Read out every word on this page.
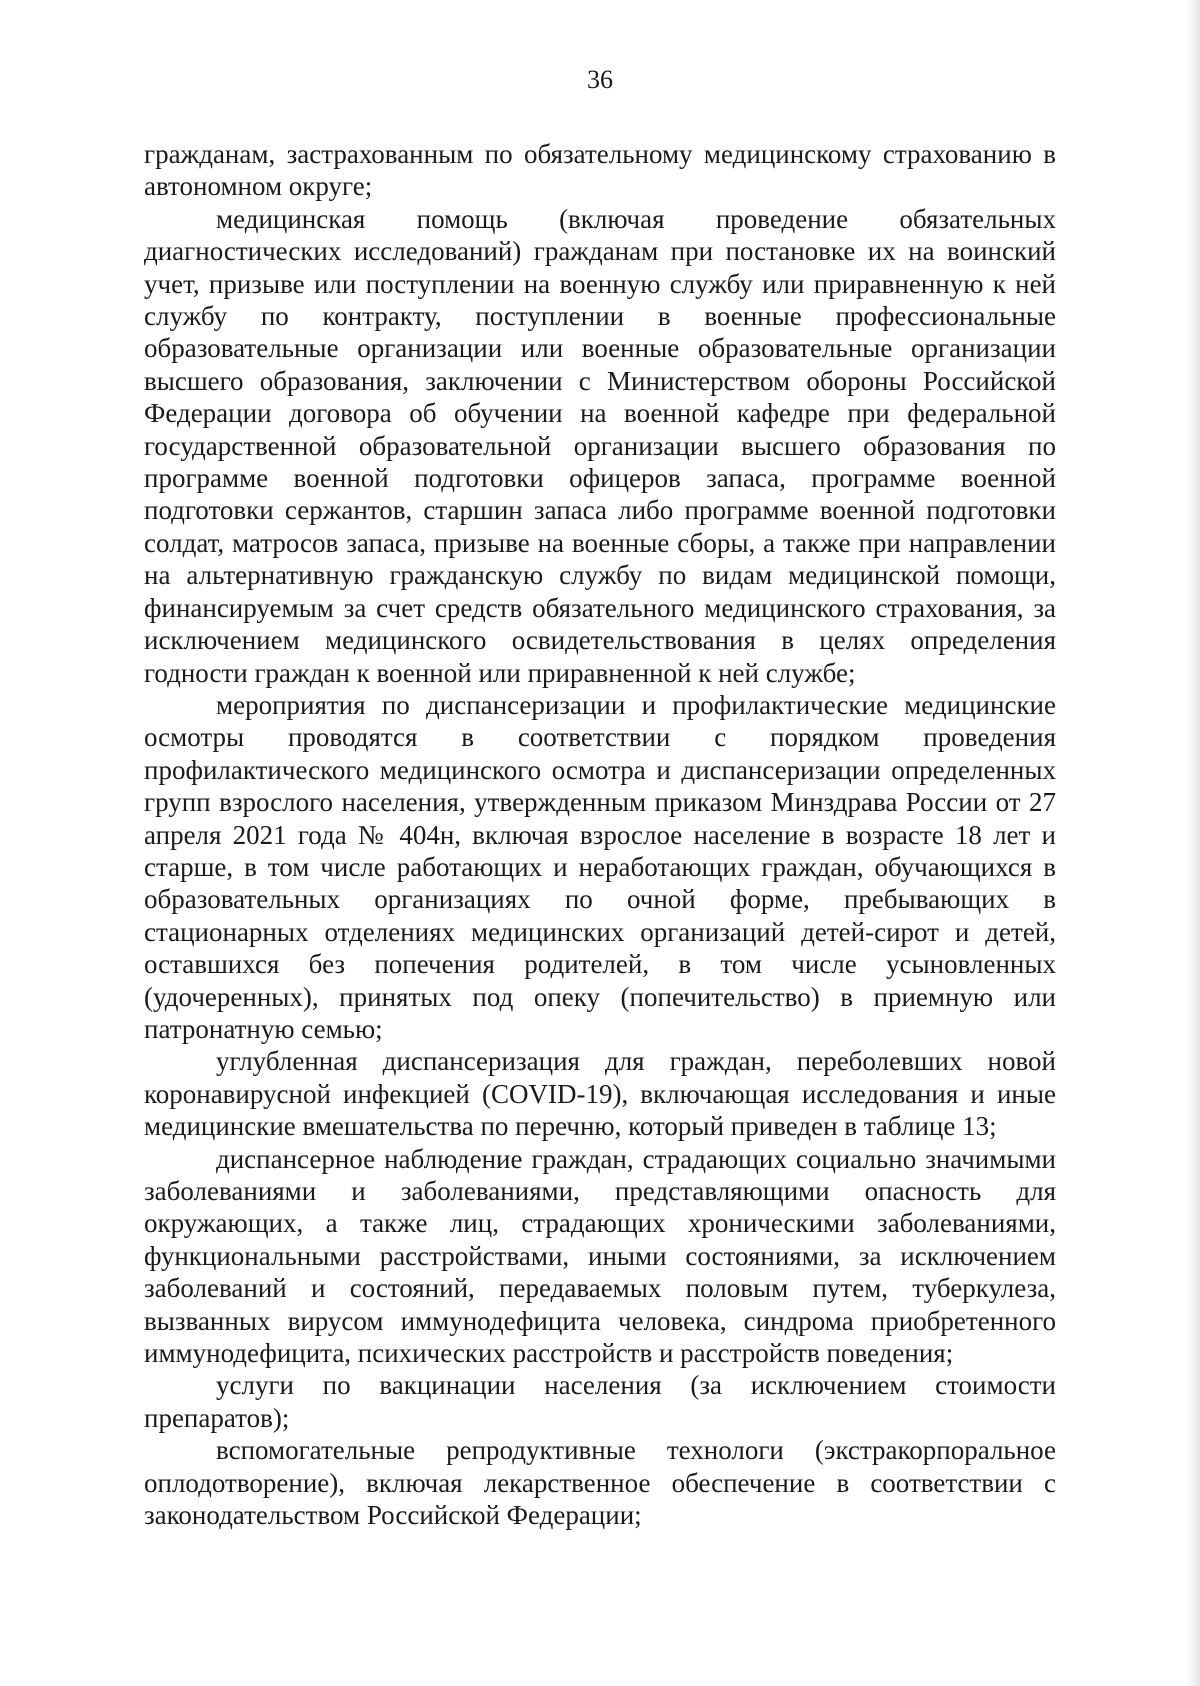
36

гражданам, застрахованным по обязательному медицинскому страхованию в автономном округе;

медицинская помощь (включая проведение обязательных диагностических исследований) гражданам при постановке их на воинский учет, призыве или поступлении на военную службу или приравненную к ней службу по контракту, поступлении в военные профессиональные образовательные организации или военные образовательные организации высшего образования, заключении с Министерством обороны Российской Федерации договора об обучении на военной кафедре при федеральной государственной образовательной организации высшего образования по программе военной подготовки офицеров запаса, программе военной подготовки сержантов, старшин запаса либо программе военной подготовки солдат, матросов запаса, призыве на военные сборы, а также при направлении на альтернативную гражданскую службу по видам медицинской помощи, финансируемым за счет средств обязательного медицинского страхования, за исключением медицинского освидетельствования в целях определения годности граждан к военной или приравненной к ней службе;

мероприятия по диспансеризации и профилактические медицинские осмотры проводятся в соответствии с порядком проведения профилактического медицинского осмотра и диспансеризации определенных групп взрослого населения, утвержденным приказом Минздрава России от 27 апреля 2021 года № 404н, включая взрослое население в возрасте 18 лет и старше, в том числе работающих и неработающих граждан, обучающихся в образовательных организациях по очной форме, пребывающих в стационарных отделениях медицинских организаций детей-сирот и детей, оставшихся без попечения родителей, в том числе усыновленных (удочеренных), принятых под опеку (попечительство) в приемную или патронатную семью;

углубленная диспансеризация для граждан, переболевших новой коронавирусной инфекцией (COVID-19), включающая исследования и иные медицинские вмешательства по перечню, который приведен в таблице 13;

диспансерное наблюдение граждан, страдающих социально значимыми заболеваниями и заболеваниями, представляющими опасность для окружающих, а также лиц, страдающих хроническими заболеваниями, функциональными расстройствами, иными состояниями, за исключением заболеваний и состояний, передаваемых половым путем, туберкулеза, вызванных вирусом иммунодефицита человека, синдрома приобретенного иммунодефицита, психических расстройств и расстройств поведения;

услуги по вакцинации населения (за исключением стоимости препаратов);

вспомогательные репродуктивные технологи (экстракорпоральное оплодотворение), включая лекарственное обеспечение в соответствии с законодательством Российской Федерации;
